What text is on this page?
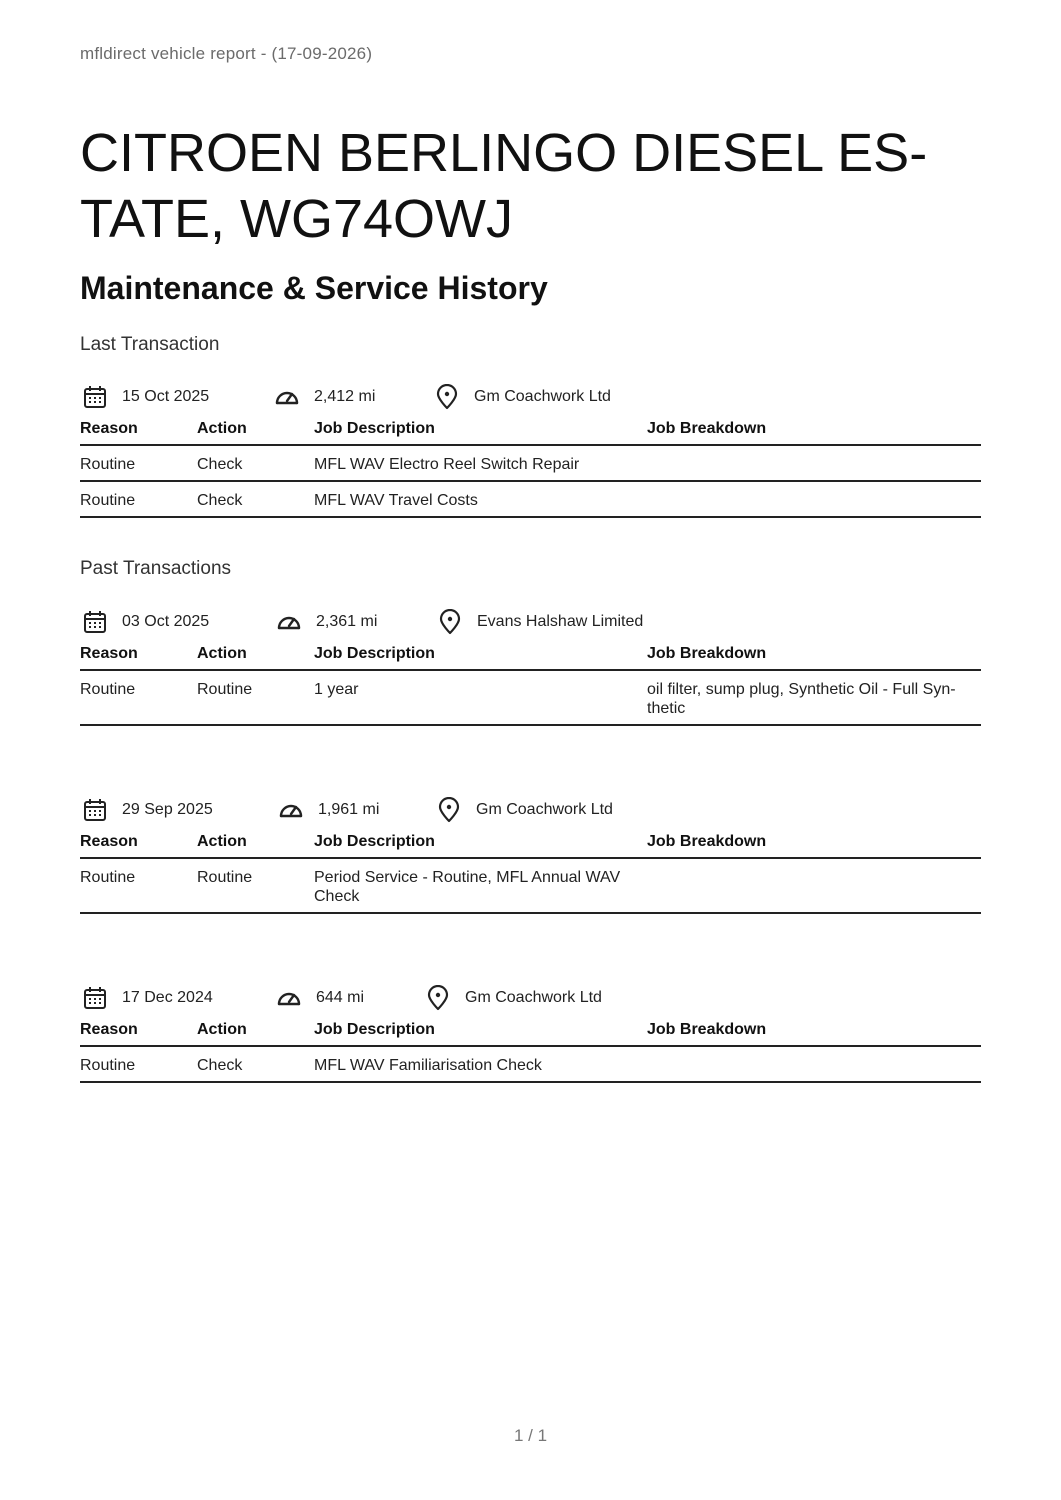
mfldirect vehicle report - (17-09-2026)
CITROEN BERLINGO DIESEL ES-TATE, WG74OWJ
Maintenance & Service History
Last Transaction
Past Transactions
15 Oct 2025	2,412 mi	Gm Coachwork Ltd
Reason	Action	Job Description	Job Breakdown
Routine	Check	MFL WAV Electro Reel Switch Repair	
Routine	Check	MFL WAV Travel Costs	
03 Oct 2025	2,361 mi	Evans Halshaw Limited
Reason	Action	Job Description	Job Breakdown
Routine	Routine	1 year	oil filter, sump plug, Synthetic Oil - Full Syn-thetic
29 Sep 2025	1,961 mi	Gm Coachwork Ltd
Reason	Action	Job Description	Job Breakdown
Routine	Routine	Period Service - Routine, MFL Annual WAV Check	
17 Dec 2024	644 mi	Gm Coachwork Ltd
Reason	Action	Job Description	Job Breakdown
Routine	Check	MFL WAV Familiarisation Check	
1 / 1
